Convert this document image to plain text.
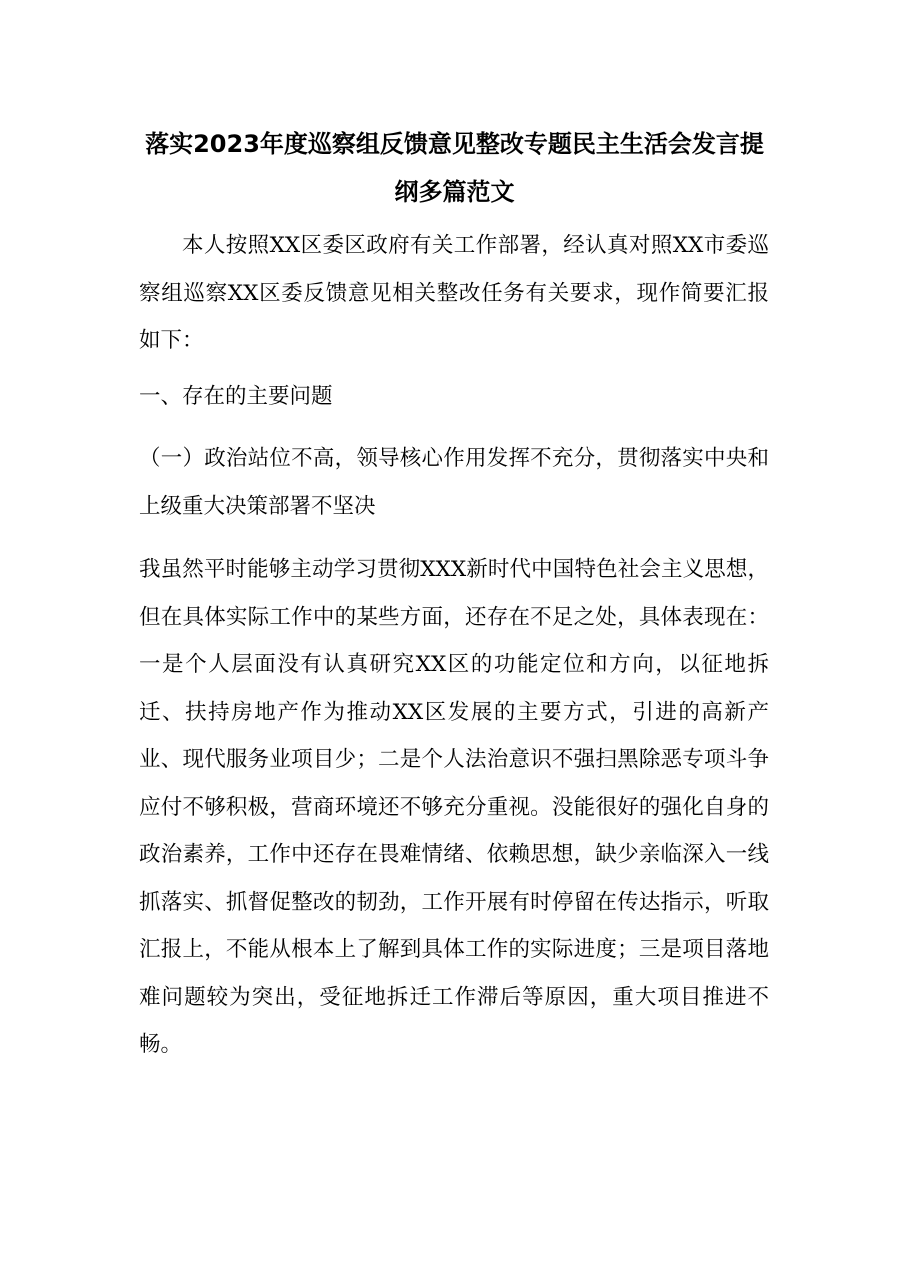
落实2023年度巡察组反馈意见整改专题民主生活会发言提
纲多篇范文

本人按照XX区委区政府有关工作部署，经认真对照XX市委巡察组巡察XX区委反馈意见相关整改任务有关要求，现作简要汇报如下：

一、存在的主要问题

（一）政治站位不高，领导核心作用发挥不充分，贯彻落实中央和上级重大决策部署不坚决

我虽然平时能够主动学习贯彻XXX新时代中国特色社会主义思想，但在具体实际工作中的某些方面，还存在不足之处，具体表现在：一是个人层面没有认真研究XX区的功能定位和方向，以征地拆迁、扶持房地产作为推动XX区发展的主要方式，引进的高新产业、现代服务业项目少；二是个人法治意识不强扫黑除恶专项斗争应付不够积极，营商环境还不够充分重视。没能很好的强化自身的政治素养，工作中还存在畏难情绪、依赖思想，缺少亲临深入一线抓落实、抓督促整改的韧劲，工作开展有时停留在传达指示，听取汇报上，不能从根本上了解到具体工作的实际进度；三是项目落地难问题较为突出，受征地拆迁工作滞后等原因，重大项目推进不畅。
